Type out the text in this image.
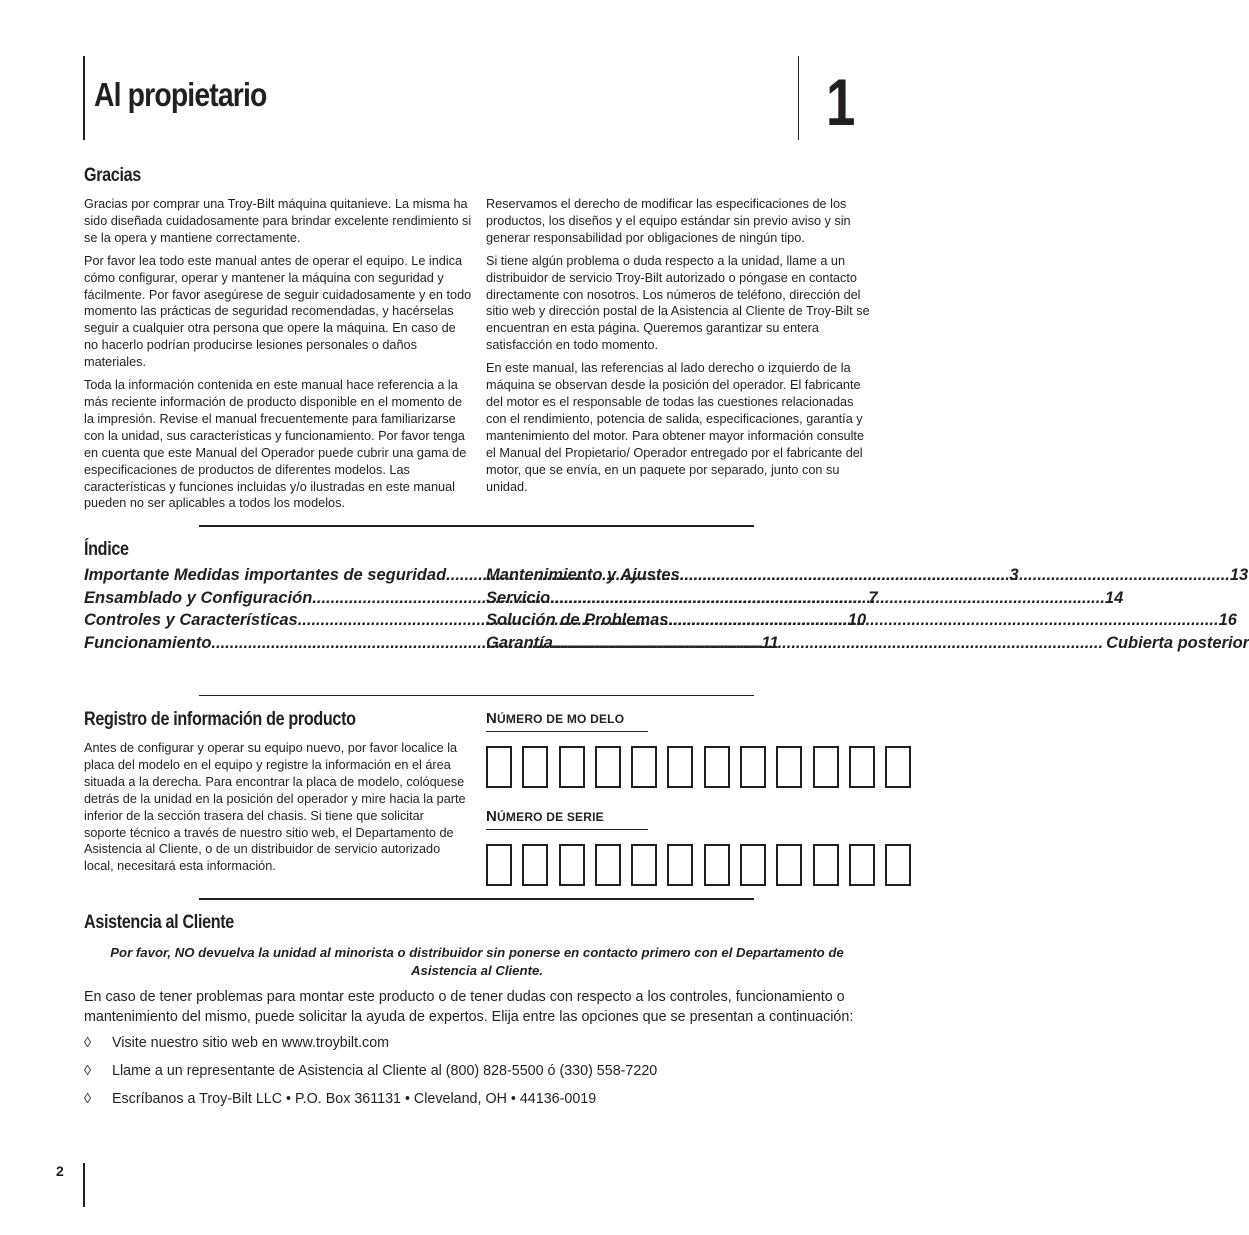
Al propietario	1
Gracias

Gracias por comprar una Troy-Bilt máquina quitanieve. La misma ha sido diseñada cuidadosamente para brindar excelente rendimiento si se la opera y mantiene correctamente.

Por favor lea todo este manual antes de operar el equipo. Le indica cómo configurar, operar y mantener la máquina con seguridad y fácilmente. Por favor asegúrese de seguir cuidadosamente y en todo momento las prácticas de seguridad recomendadas, y hacérselas seguir a cualquier otra persona que opere la máquina. En caso de no hacerlo podrían producirse lesiones personales o daños materiales.

Toda la información contenida en este manual hace referencia a la más reciente información de producto disponible en el momento de la impresión. Revise el manual frecuentemente para familiarizarse con la unidad, sus características y funcionamiento. Por favor tenga en cuenta que este Manual del Operador puede cubrir una gama de especificaciones de productos de diferentes modelos. Las características y funciones incluidas y/o ilustradas en este manual pueden no ser aplicables a todos los modelos.

Reservamos el derecho de modificar las especificaciones de los productos, los diseños y el equipo estándar sin previo aviso y sin generar responsabilidad por obligaciones de ningún tipo.

Si tiene algún problema o duda respecto a la unidad, llame a un distribuidor de servicio Troy-Bilt autorizado o póngase en contacto directamente con nosotros. Los números de teléfono, dirección del sitio web y dirección postal de la Asistencia al Cliente de Troy-Bilt se encuentran en esta página. Queremos garantizar su entera satisfacción en todo momento.

En este manual, las referencias al lado derecho o izquierdo de la máquina se observan desde la posición del operador. El fabricante del motor es el responsable de todas las cuestiones relacionadas con el rendimiento, potencia de salida, especificaciones, garantía y mantenimiento del motor. Para obtener mayor información consulte el Manual del Propietario/ Operador entregado por el fabricante del motor, que se envía, en un paquete por separado, junto con su unidad.

Índice
Importante Medidas importantes de seguridad .. .....	3
Ensamblado y Configuración .....	7
Controles y Características .....	10
Funcionamiento .....	11
Mantenimiento y Ajustes .....	13
Servicio. .....	14
Solución de Problemas .....	16
Garantía .....	Cubierta posterior
Registro de información de producto
Antes de configurar y operar su equipo nuevo, por favor localice la placa del modelo en el equipo y registre la información en el área situada a la derecha. Para encontrar la placa de modelo, colóquese detrás de la unidad en la posición del operador y mire hacia la parte inferior de la sección trasera del chasis. Si tiene que solicitar soporte técnico a través de nuestro sitio web, el Departamento de Asistencia al Cliente, o de un distribuidor de servicio autorizado local, necesitará esta información.
NÚMERO DE MO DELO
NÚMERO DE SERIE
Asistencia al Cliente
Por favor, NO devuelva la unidad al minorista o distribuidor sin ponerse en contacto primero con el Departamento de Asistencia al Cliente.
En caso de tener problemas para montar este producto o de tener dudas con respecto a los controles, funcionamiento o mantenimiento del mismo, puede solicitar la ayuda de expertos. Elija entre las opciones que se presentan a continuación:
◊	Visite nuestro sitio web en www.troybilt.com
◊	Llame a un representante de Asistencia al Cliente al (800) 828-5500 ó (330) 558-7220
◊	Escríbanos a Troy-Bilt LLC • P.O. Box 361131 • Cleveland, OH • 44136-0019
2
